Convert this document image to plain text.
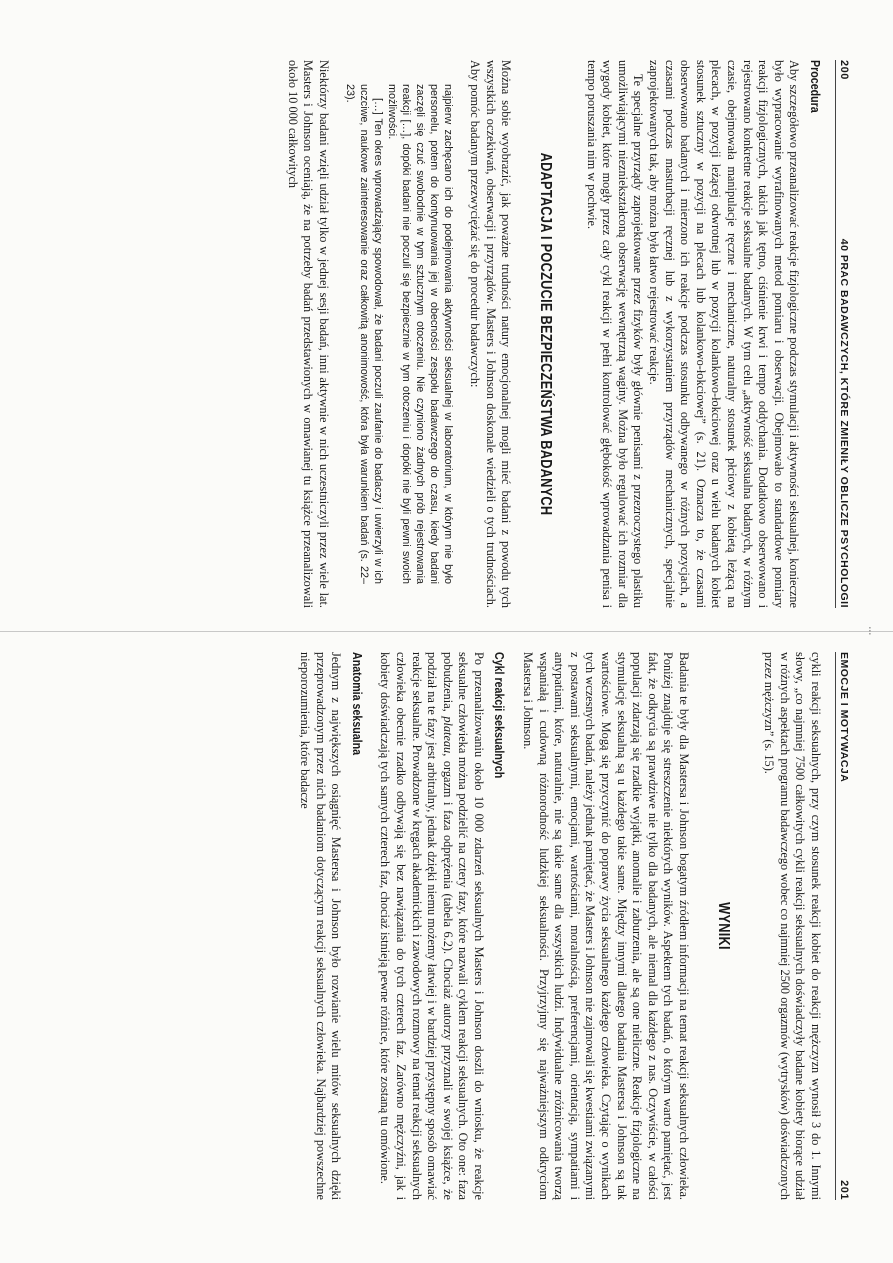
⁝
EMOCJE I MOTYWACJA
201

cykli reakcji seksualnych, przy czym stosunek reakcji kobiet do reakcji mężczyzn wynosił 3 do 1. Innymi słowy, „co najmniej 7500 całkowitych cykli reakcji seksualnych doświadczyły badane kobiety biorące udział w różnych aspektach programu badawczego wobec co najmniej 2500 orgazmów (wytrysków) doświadczonych przez mężczyzn” (s. 15).

WYNIKI

Badania te były dla Mastersa i Johnson bogatym źródłem informacji na temat reakcji seksualnych człowieka. Poniżej znajduje się streszczenie niektórych wyników. Aspektem tych badań, o którym warto pamiętać, jest fakt, że odkrycia są prawdziwe nie tylko dla badanych, ale niemal dla każdego z nas. Oczywiście, w całości populacji zdarzają się rzadkie wyjątki, anomalie i zaburzenia, ale są one nieliczne. Reakcje fizjologiczne na stymulację seksualną są u każdego takie same. Między innymi dlatego badania Mastersa i Johnson są tak wartościowe. Mogą się przyczynić do poprawy życia seksualnego każdego człowieka. Czytając o wynikach tych wczesnych badań, należy jednak pamiętać, że Masters i Johnson nie zajmowali się kwestiami związanymi z postawami seksualnymi, emocjami, wartościami, moralnością, preferencjami, orientacją, sympatiami i antypatiami, które, naturalnie, nie są takie same dla wszystkich ludzi. Indywidualne zróżnicowania tworzą wspaniałą i cudowną różnorodność ludzkiej seksualności. Przyjrzyjmy się najważniejszym odkryciom Mastersa i Johnson.

Cykl reakcji seksualnych

Po przeanalizowaniu około 10 000 zdarzeń seksualnych Masters i Johnson doszli do wniosku, że reakcje seksualne człowieka można podzielić na cztery fazy, które nazwali cyklem reakcji seksualnych. Oto one: faza pobudzenia, plateau, orgazm i faza odprężenia (tabela 6.2). Chociaż autorzy przyznali w swojej książce, że podział na te fazy jest arbitralny, jednak dzięki niemu możemy łatwiej i w bardziej przystępny sposób omawiać reakcje seksualne. Prowadzone w kręgach akademickich i zawodowych rozmowy na temat reakcji seksualnych człowieka obecnie rzadko odbywają się bez nawiązania do tych czterech faz. Zarówno mężczyźni, jak i kobiety doświadczają tych samych czterech faz, chociaż istnieją pewne różnice, które zostaną tu omówione.

Anatomia seksualna

Jednym z największych osiągnięć Mastersa i Johnson było rozwianie wielu mitów seksualnych dzięki przeprowadzonym przez nich badaniom dotyczącym reakcji seksualnych człowieka. Najbardziej powszechne nieporozumienia, które badacze

200
40 PRAC BADAWCZYCH, KTÓRE ZMIENIŁY OBLICZE PSYCHOLOGII
Procedura

Aby szczegółowo przeanalizować reakcje fizjologiczne podczas stymulacji i aktywności seksualnej, konieczne było wypracowanie wyrafinowanych metod pomiaru i obserwacji. Obejmowało to standardowe pomiary reakcji fizjologicznych, takich jak tętno, ciśnienie krwi i tempo oddychania. Dodatkowo obserwowano i rejestrowano konkretne reakcje seksualne badanych. W tym celu „aktywność seksualna badanych, w różnym czasie, obejmowała manipulacje ręczne i mechaniczne, naturalny stosunek płciowy z kobietą leżącą na plecach, w pozycji leżącej odwrotnej lub w pozycji kolankowo-łokciowej oraz u wielu badanych kobiet stosunek sztuczny w pozycji na plecach lub kolankowo-łokciowej” (s. 21). Oznacza to, że czasami obserwowano badanych i mierzono ich reakcje podczas stosunku odbywanego w różnych pozycjach, a czasami podczas masturbacji ręcznej lub z wykorzystaniem przyrządów mechanicznych, specjalnie zaprojektowanych tak, aby można było łatwo rejestrować reakcje.

Te specjalne przyrządy zaprojektowane przez fizyków były głównie penisami z przezroczystego plastiku umożliwiającymi niezniekształconą obserwację wewnętrzną waginy. Można było regulować ich rozmiar dla wygody kobiet, które mogły przez cały cykl reakcji w pełni kontrolować głębokość wprowadzania penisa i tempo poruszania nim w pochwie.

ADAPTACJA I POCZUCIE BEZPIECZEŃSTWA BADANYCH

Można sobie wyobrazić, jak poważne trudności natury emocjonalnej mogli mieć badani z powodu tych wszystkich oczekiwań, obserwacji i przyrządów. Masters i Johnson doskonale wiedzieli o tych trudnościach. Aby pomóc badanym przezwyciężać się do procedur badawczych:

najpierw zachęcano ich do podejmowania aktywności seksualnej w laboratorium, w którym nie było personelu, potem do kontynuowania jej w obecności zespołu badawczego do czasu, kiedy badani zaczęli się czuć swobodnie w tym sztucznym otoczeniu. Nie czyniono żadnych prób rejestrowania reakcji […], dopóki badani nie poczuli się bezpiecznie w tym otoczeniu i dopóki nie byli pewni swoich możliwości.

[…] Ten okres wprowadzający spowodował, że badani poczuli zaufanie do badaczy i uwierzyli w ich uczciwe, naukowe zainteresowanie oraz całkowitą anonimowość, która była warunkiem badań (s. 22–23).

Niektórzy badani wzięli udział tylko w jednej sesji badań, inni aktywnie w nich uczestniczyli przez wiele lat. Masters i Johnson oceniają, że na potrzeby badań przedstawionych w omawianej tu książce przeanalizowali około 10 000 całkowitych
